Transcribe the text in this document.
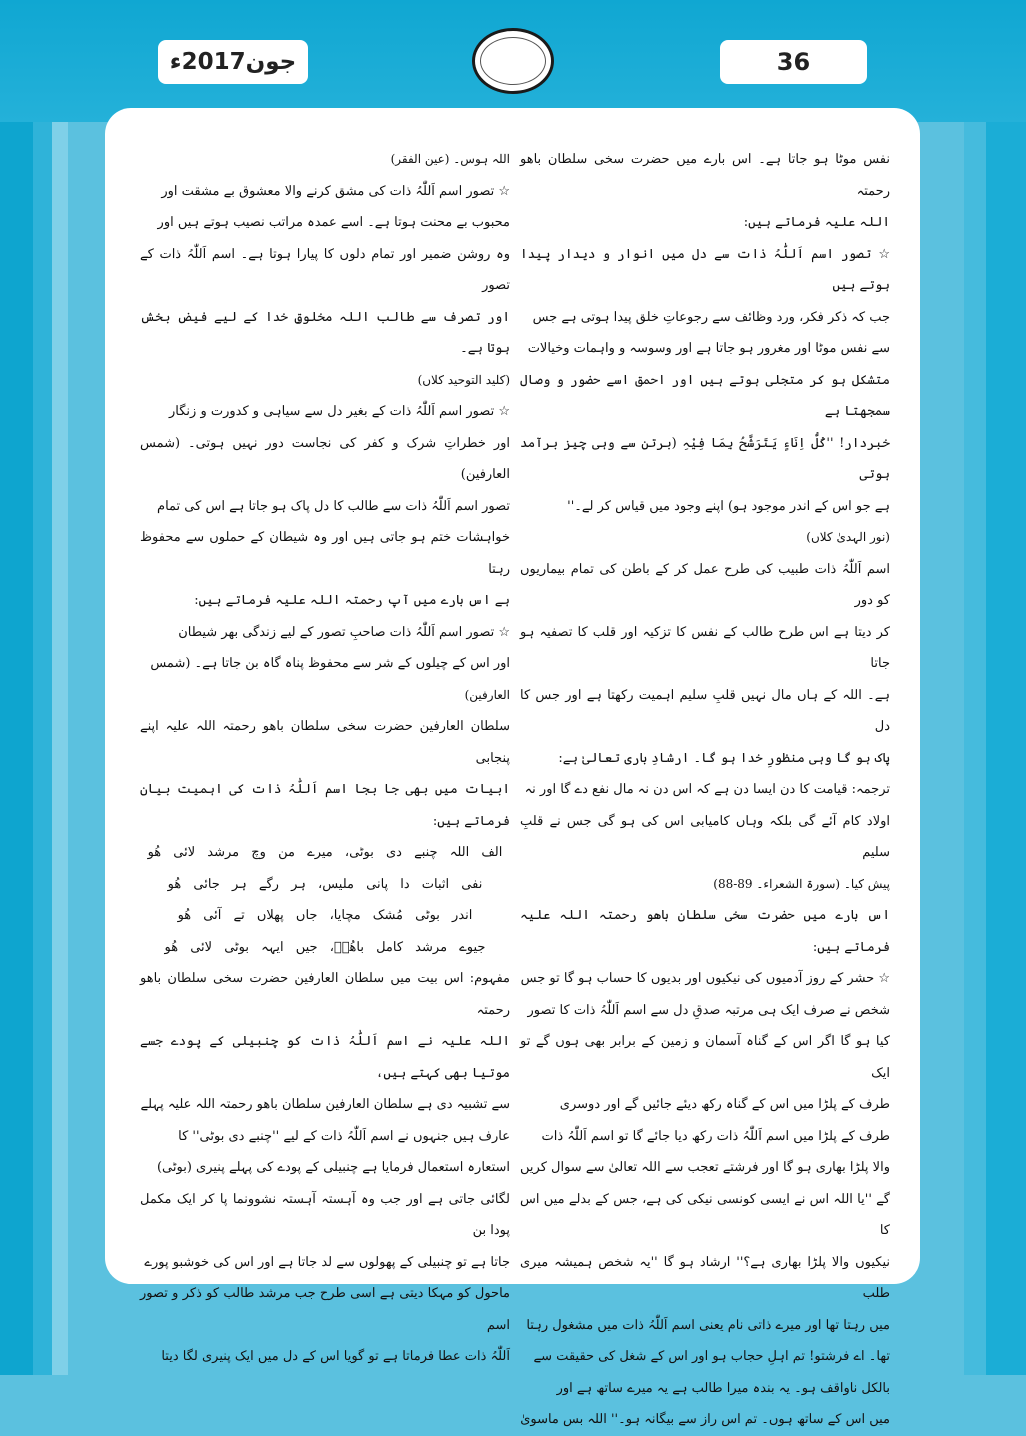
جون2017ء	36

نفس موٹا ہو جاتا ہے۔ اس بارے میں حضرت سخی سلطان باھو رحمتہ

اللہ علیہ فرماتے ہیں:

☆ تصور اسم اَللّٰہُ ذات سے دل میں انوار و دیدار پیدا ہوتے ہیں

جب کہ ذکر فکر، ورد وظائف سے رجوعاتِ خلق پیدا ہوتی ہے جس

سے نفس موٹا اور مغرور ہو جاتا ہے اور وسوسہ و واہمات وخیالات

متشکل ہو کر متجلی ہوتے ہیں اور احمق اسے حضور و وصال سمجھتا ہے

خبردار! ''کُلُّ اِنَاءٍ یَتَرَشَّحُ بِمَا فِیْہِ (برتن سے وہی چیز برآمد ہوتی

ہے جو اس کے اندر موجود ہو) اپنے وجود میں قیاس کر لے۔''

(نور الہدیٰ کلاں)

اسم اَللّٰہُ ذات طبیب کی طرح عمل کر کے باطن کی تمام بیماریوں کو دور

کر دیتا ہے اس طرح طالب کے نفس کا تزکیہ اور قلب کا تصفیہ ہو جاتا

ہے۔ اللہ کے ہاں مال نہیں قلبِ سلیم اہمیت رکھتا ہے اور جس کا دل

پاک ہو گا وہی منظورِ خدا ہو گا۔ ارشادِ باری تعالیٰ ہے:

ترجمہ: قیامت کا دن ایسا دن ہے کہ اس دن نہ مال نفع دے گا اور نہ

اولاد کام آئے گی بلکہ وہاں کامیابی اس کی ہو گی جس نے قلبِ سلیم

پیش کیا۔ (سورۃ الشعراء۔ 89-88)

اس بارے میں حضرت سخی سلطان باھو رحمتہ اللہ علیہ فرماتے ہیں:

☆ حشر کے روز آدمیوں کی نیکیوں اور بدیوں کا حساب ہو گا تو جس

شخص نے صرف ایک ہی مرتبہ صدقِ دل سے اسم اَللّٰہُ ذات کا تصور

کیا ہو گا اگر اس کے گناہ آسمان و زمین کے برابر بھی ہوں گے تو ایک

طرف کے پلڑا میں اس کے گناہ رکھ دیئے جائیں گے اور دوسری

طرف کے پلڑا میں اسم اَللّٰہُ ذات رکھ دیا جائے گا تو اسم اَللّٰہُ ذات

والا پلڑا بھاری ہو گا اور فرشتے تعجب سے اللہ تعالیٰ سے سوال کریں

گے ''یا اللہ اس نے ایسی کونسی نیکی کی ہے، جس کے بدلے میں اس کا

نیکیوں والا پلڑا بھاری ہے؟'' ارشاد ہو گا ''یہ شخص ہمیشہ میری طلب

میں رہتا تھا اور میرے ذاتی نام یعنی اسم اَللّٰہُ ذات میں مشغول رہتا

تھا۔ اے فرشتو! تم اہلِ حجاب ہو اور اس کے شغل کی حقیقت سے

بالکل ناواقف ہو۔ یہ بندہ میرا طالب ہے یہ میرے ساتھ ہے اور

میں اس کے ساتھ ہوں۔ تم اس راز سے بیگانہ ہو۔'' اللہ بس ماسویٰ

اللہ ہوس۔ (عین الفقر)

☆ تصور اسم اَللّٰہُ ذات کی مشق کرنے والا معشوق بے مشقت اور

محبوب بے محنت ہوتا ہے۔ اسے عمدہ مراتب نصیب ہوتے ہیں اور

وہ روشن ضمیر اور تمام دلوں کا پیارا ہوتا ہے۔ اسم اَللّٰہُ ذات کے تصور

اور تصرف سے طالب اللہ مخلوقِ خدا کے لیے فیض بخش ہوتا ہے۔

(کلید التوحید کلاں)

☆ تصور اسم اَللّٰہُ ذات کے بغیر دل سے سیاہی و کدورت و زنگار

اور خطراتِ شرک و کفر کی نجاست دور نہیں ہوتی۔ (شمس العارفین)

تصور اسم اَللّٰہُ ذات سے طالب کا دل پاک ہو جاتا ہے اس کی تمام

خواہشات ختم ہو جاتی ہیں اور وہ شیطان کے حملوں سے محفوظ رہتا

ہے اس بارے میں آپ رحمتہ اللہ علیہ فرماتے ہیں:

☆ تصور اسم اَللّٰہُ ذات صاحبِ تصور کے لیے زندگی بھر شیطان

اور اس کے چیلوں کے شر سے محفوظ پناہ گاہ بن جاتا ہے۔ (شمس

العارفین)

سلطان العارفین حضرت سخی سلطان باھو رحمتہ اللہ علیہ اپنے پنجابی

ابیات میں بھی جا بجا اسم اَللّٰہُ ذات کی اہمیت بیان فرماتے ہیں:

الف اللہ چنبے دی بوٹی، میرے من وچ مرشد لائی ھُو

نفی اثبات دا پانی ملیس، ہر رگے ہر جائی ھُو

اندر بوٹی مُشک مچایا، جاں پھلاں تے آئی ھُو

جیوے مرشد کامل باھُوؒ، جیں ایہہ بوٹی لائی ھُو

مفہوم: اس بیت میں سلطان العارفین حضرت سخی سلطان باھو رحمتہ

اللہ علیہ نے اسم اَللّٰہُ ذات کو چنبیلی کے پودے جسے موتیا بھی کہتے ہیں،

سے تشبیہ دی ہے سلطان العارفین سلطان باھو رحمتہ اللہ علیہ پہلے

عارف ہیں جنہوں نے اسم اَللّٰہُ ذات کے لیے ''چنبے دی بوٹی'' کا

استعارہ استعمال فرمایا ہے چنبیلی کے پودے کی پہلے پنیری (بوٹی)

لگائی جاتی ہے اور جب وہ آہستہ آہستہ نشوونما پا کر ایک مکمل پودا بن

جاتا ہے تو چنبیلی کے پھولوں سے لد جاتا ہے اور اس کی خوشبو پورے

ماحول کو مہکا دیتی ہے اسی طرح جب مرشد طالب کو ذکر و تصور اسم

اَللّٰہُ ذات عطا فرماتا ہے تو گویا اس کے دل میں ایک پنیری لگا دیتا
